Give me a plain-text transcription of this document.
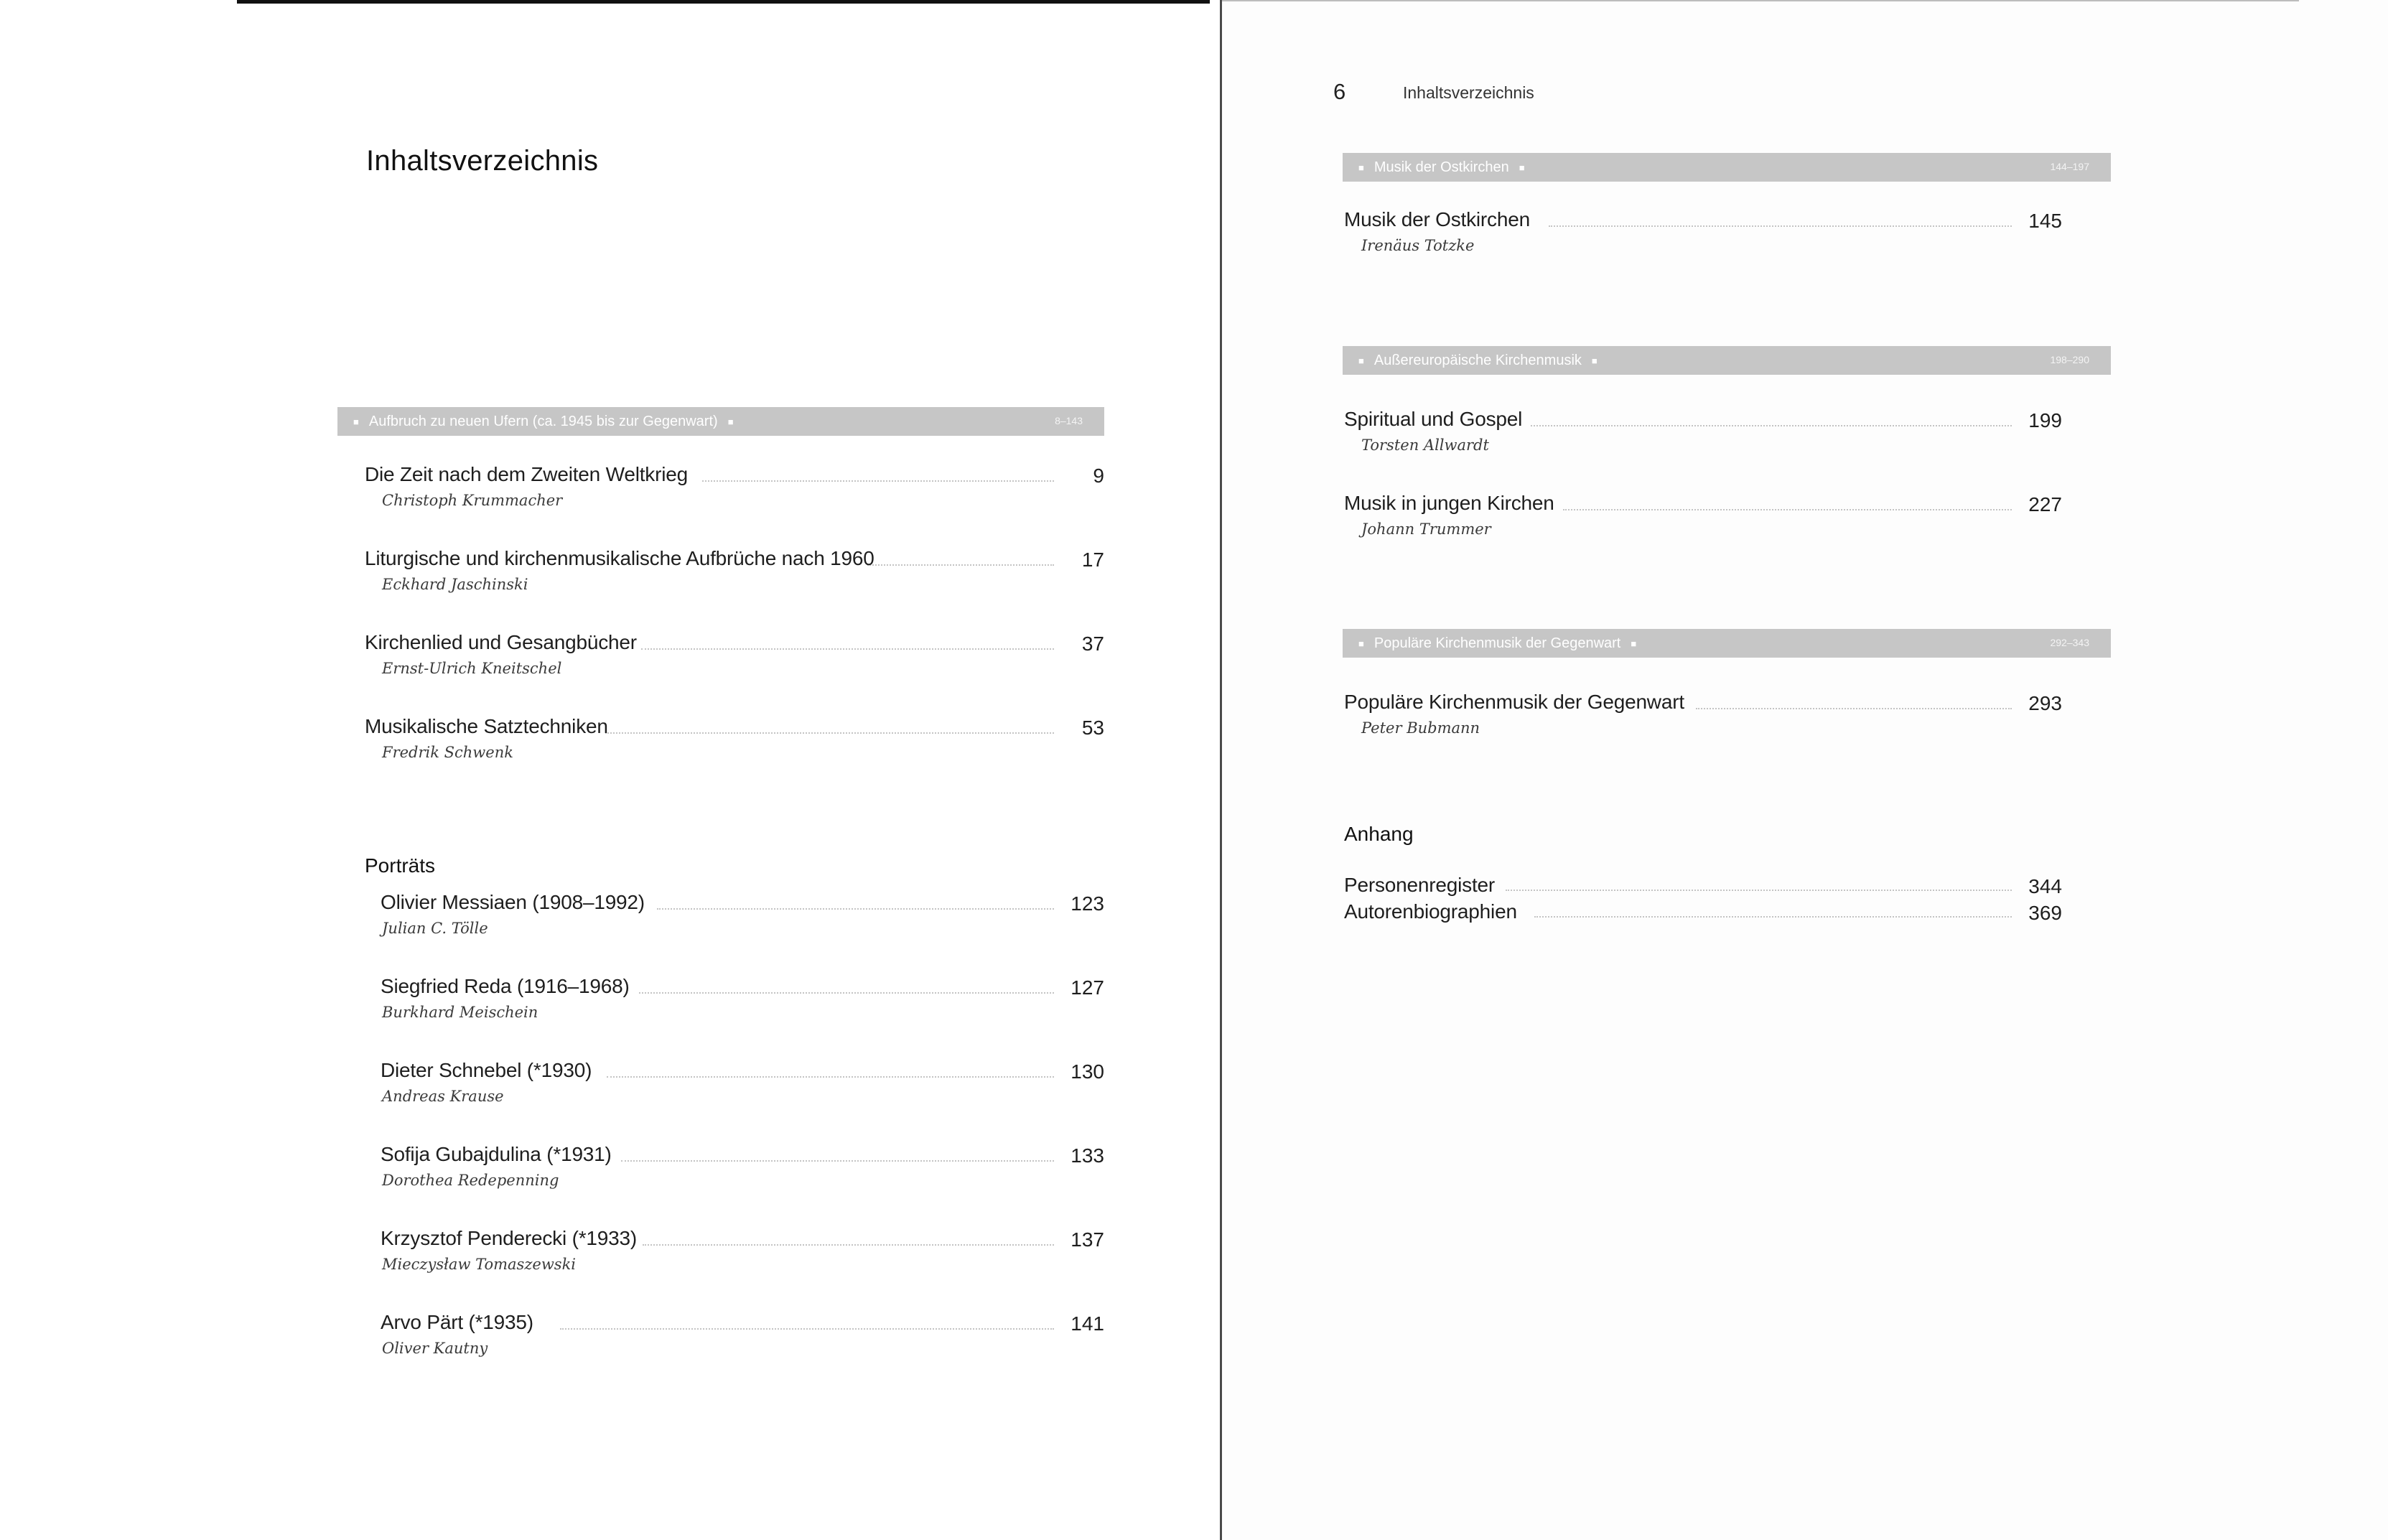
Inhaltsverzeichnis
■ Aufbruch zu neuen Ufern (ca. 1945 bis zur Gegenwart) ■	8–143
Die Zeit nach dem Zweiten Weltkrieg	9
Christoph Krummacher
Liturgische und kirchenmusikalische Aufbrüche nach 1960	17
Eckhard Jaschinski
Kirchenlied und Gesangbücher	37
Ernst-Ulrich Kneitschel
Musikalische Satztechniken	53
Fredrik Schwenk
Porträts
Olivier Messiaen (1908–1992)	123
Julian C. Tölle
Siegfried Reda (1916–1968)	127
Burkhard Meischein
Dieter Schnebel (*1930)	130
Andreas Krause
Sofija Gubajdulina (*1931)	133
Dorothea Redepenning
Krzysztof Penderecki (*1933)	137
Mieczysław Tomaszewski
Arvo Pärt (*1935)	141
Oliver Kautny
6	Inhaltsverzeichnis
■ Musik der Ostkirchen ■	144–197
Musik der Ostkirchen	145
Irenäus Totzke
■ Außereuropäische Kirchenmusik ■	198–290
Spiritual und Gospel	199
Torsten Allwardt
Musik in jungen Kirchen	227
Johann Trummer
■ Populäre Kirchenmusik der Gegenwart ■	292–343
Populäre Kirchenmusik der Gegenwart	293
Peter Bubmann
Anhang
Personenregister	344
Autorenbiographien	369
